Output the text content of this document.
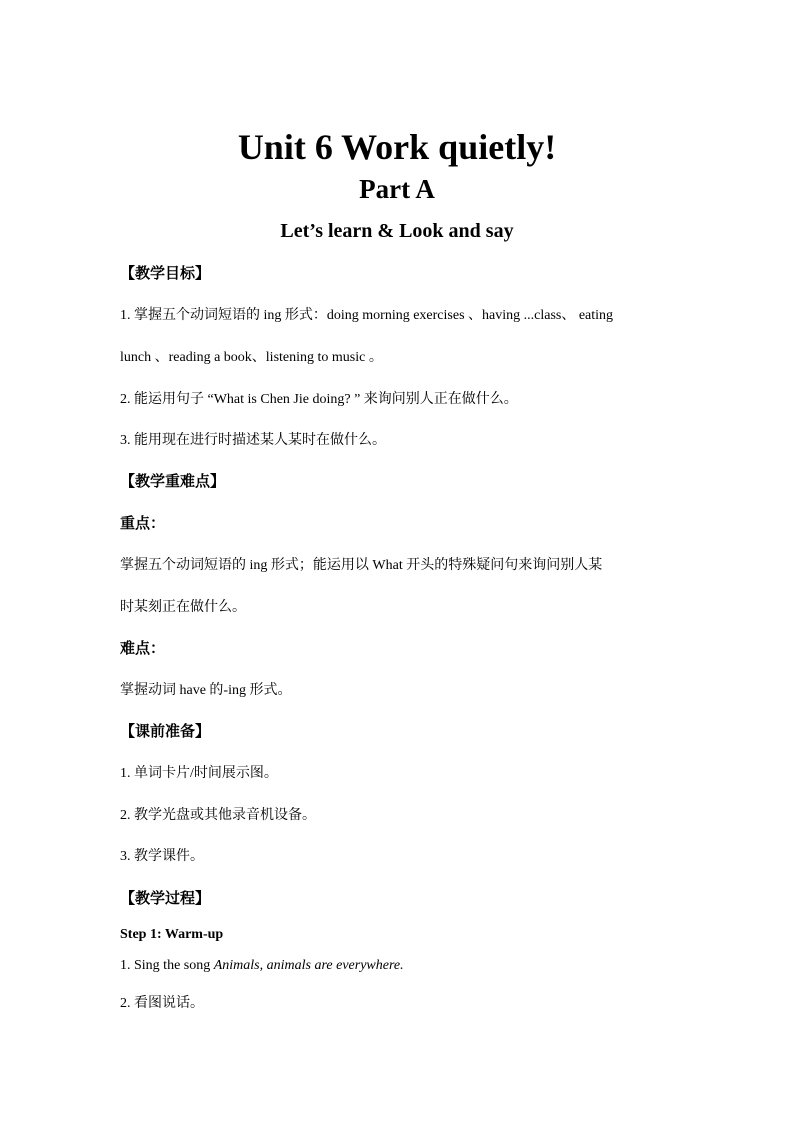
Unit 6 Work quietly!
Part A
Let’s learn & Look and say
【教学目标】
1. 掌握五个动词短语的 ing 形式：doing morning exercises 、having ...class、 eating
lunch 、reading a book、listening to music 。
2. 能运用句子 “What is Chen Jie doing? ” 来询问别人正在做什么。
3. 能用现在进行时描述某人某时在做什么。
【教学重难点】
重点：
掌握五个动词短语的 ing 形式；能运用以 What 开头的特殊疑问句来询问别人某
时某刻正在做什么。
难点：
掌握动词 have 的-ing 形式。
【课前准备】
1. 单词卡片/时间展示图。
2. 教学光盘或其他录音机设备。
3. 教学课件。
【教学过程】
Step 1: Warm-up
1. Sing the song Animals, animals are everywhere.
2. 看图说话。
